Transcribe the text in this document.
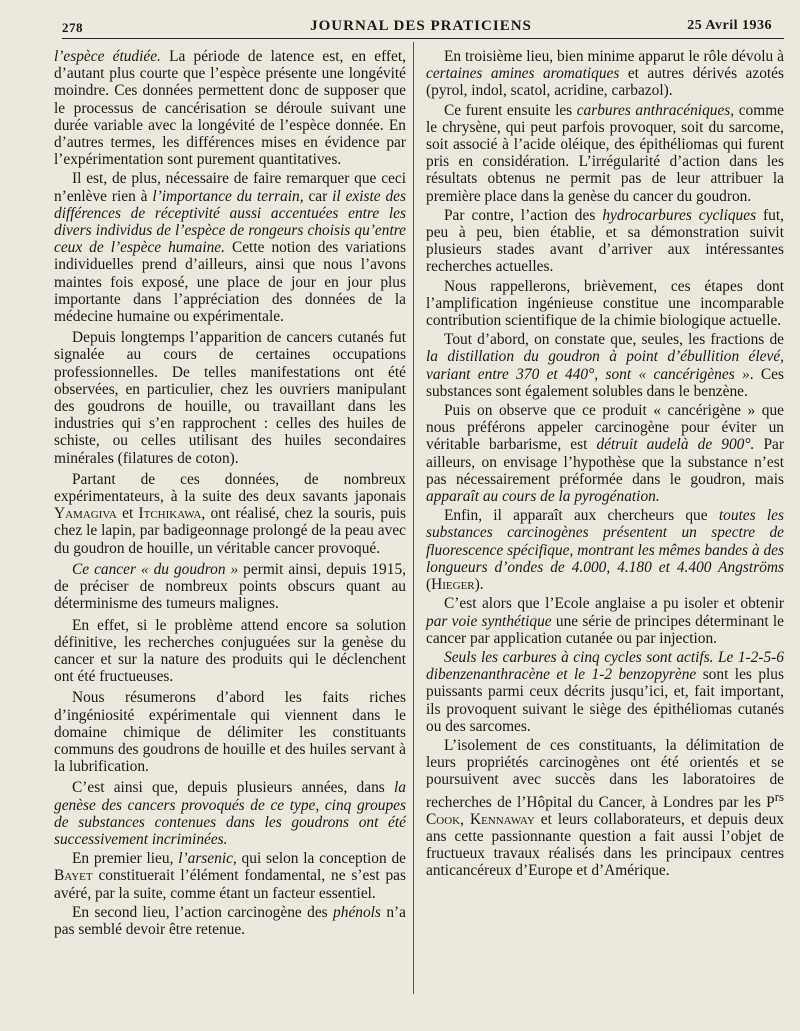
278	JOURNAL DES PRATICIENS	25 Avril 1936

l’espèce étudiée. La période de latence est, en effet, d’autant plus courte que l’espèce présente une longévité moindre. Ces données permettent donc de supposer que le processus de cancérisation se déroule suivant une durée variable avec la longévité de l’espèce donnée. En d’autres termes, les différences mises en évidence par l’expérimentation sont purement quantitatives.

Il est, de plus, nécessaire de faire remarquer que ceci n’enlève rien à l’importance du terrain, car il existe des différences de réceptivité aussi accentuées entre les divers individus de l’espèce de rongeurs choisis qu’entre ceux de l’espèce humaine. Cette notion des variations individuelles prend d’ailleurs, ainsi que nous l’avons maintes fois exposé, une place de jour en jour plus importante dans l’appréciation des données de la médecine humaine ou expérimentale.

Depuis longtemps l’apparition de cancers cutanés fut signalée au cours de certaines occupations professionnelles. De telles manifestations ont été observées, en particulier, chez les ouvriers manipulant des goudrons de houille, ou travaillant dans les industries qui s’en rapprochent : celles des huiles de schiste, ou celles utilisant des huiles secondaires minérales (filatures de coton).

Partant de ces données, de nombreux expérimentateurs, à la suite des deux savants japonais Yamagiva et Itchikawa, ont réalisé, chez la souris, puis chez le lapin, par badigeonnage prolongé de la peau avec du goudron de houille, un véritable cancer provoqué.

Ce cancer « du goudron » permit ainsi, depuis 1915, de préciser de nombreux points obscurs quant au déterminisme des tumeurs malignes.

En effet, si le problème attend encore sa solution définitive, les recherches conjuguées sur la genèse du cancer et sur la nature des produits qui le déclenchent ont été fructueuses.

Nous résumerons d’abord les faits riches d’ingéniosité expérimentale qui viennent dans le domaine chimique de délimiter les constituants communs des goudrons de houille et des huiles servant à la lubrification.

C’est ainsi que, depuis plusieurs années, dans la genèse des cancers provoqués de ce type, cinq groupes de substances contenues dans les goudrons ont été successivement incriminées.

En premier lieu, l’arsenic, qui selon la conception de Bayet constituerait l’élément fondamental, ne s’est pas avéré, par la suite, comme étant un facteur essentiel.

En second lieu, l’action carcinogène des phénols n’a pas semblé devoir être retenue.

En troisième lieu, bien minime apparut le rôle dévolu à certaines amines aromatiques et autres dérivés azotés (pyrol, indol, scatol, acridine, carbazol).

Ce furent ensuite les carbures anthracéniques, comme le chrysène, qui peut parfois provoquer, soit du sarcome, soit associé à l’acide oléique, des épithéliomas qui furent pris en considération. L’irrégularité d’action dans les résultats obtenus ne permit pas de leur attribuer la première place dans la genèse du cancer du goudron.

Par contre, l’action des hydrocarbures cycliques fut, peu à peu, bien établie, et sa démonstration suivit plusieurs stades avant d’arriver aux intéressantes recherches actuelles.

Nous rappellerons, brièvement, ces étapes dont l’amplification ingénieuse constitue une incomparable contribution scientifique de la chimie biologique actuelle.

Tout d’abord, on constate que, seules, les fractions de la distillation du goudron à point d’ébullition élevé, variant entre 370 et 440°, sont « cancérigènes ». Ces substances sont également solubles dans le benzène.

Puis on observe que ce produit « cancérigène » que nous préférons appeler carcinogène pour éviter un véritable barbarisme, est détruit audelà de 900°. Par ailleurs, on envisage l’hypothèse que la substance n’est pas nécessairement préformée dans le goudron, mais apparaît au cours de la pyrogénation.

Enfin, il apparaît aux chercheurs que toutes les substances carcinogènes présentent un spectre de fluorescence spécifique, montrant les mêmes bandes à des longueurs d’ondes de 4.000, 4.180 et 4.400 Angströms (Hieger).

C’est alors que l’Ecole anglaise a pu isoler et obtenir par voie synthétique une série de principes déterminant le cancer par application cutanée ou par injection.

Seuls les carbures à cinq cycles sont actifs. Le 1-2-5-6 dibenzenanthracène et le 1-2 benzopyrène sont les plus puissants parmi ceux décrits jusqu’ici, et, fait important, ils provoquent suivant le siège des épithéliomas cutanés ou des sarcomes.

L’isolement de ces constituants, la délimitation de leurs propriétés carcinogènes ont été orientés et se poursuivent avec succès dans les laboratoires de recherches de l’Hôpital du Cancer, à Londres par les $P^{rs}$ Cook, Kennaway et leurs collaborateurs, et depuis deux ans cette passionnante question a fait aussi l’objet de fructueux travaux réalisés dans les principaux centres anticancéreux d’Europe et d’Amérique.
